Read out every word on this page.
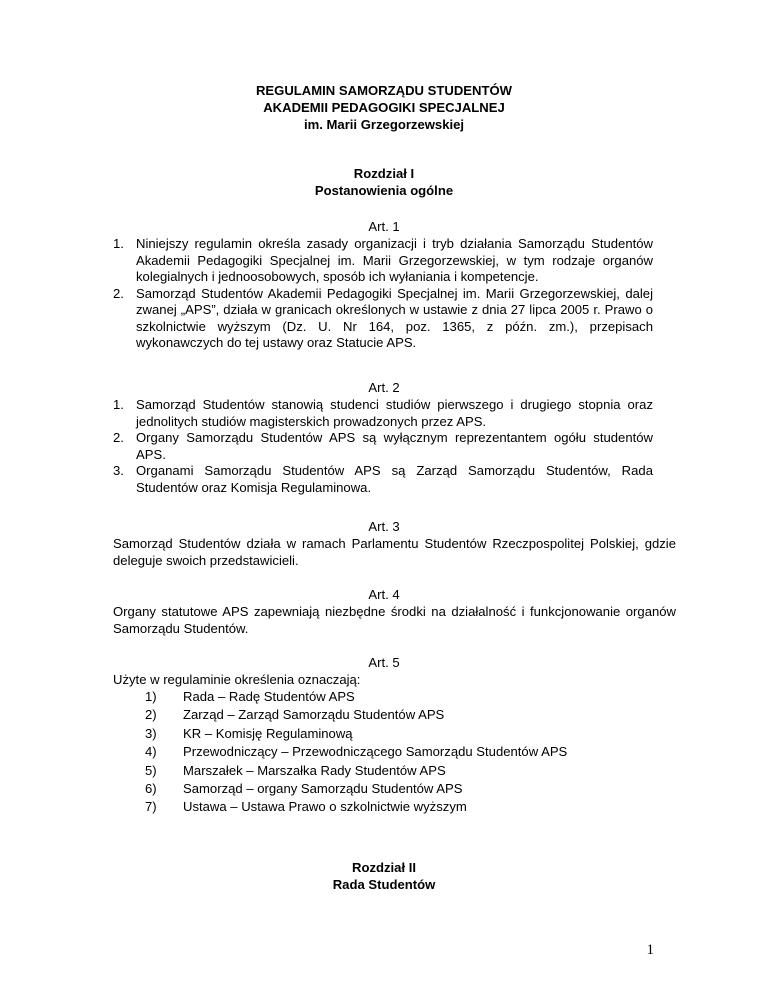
REGULAMIN SAMORZĄDU STUDENTÓW
AKADEMII PEDAGOGIKI SPECJALNEJ
im. Marii Grzegorzewskiej
Rozdział I
Postanowienia ogólne
Art. 1
1. Niniejszy regulamin określa zasady organizacji i tryb działania Samorządu Studentów Akademii Pedagogiki Specjalnej im. Marii Grzegorzewskiej, w tym rodzaje organów kolegialnych i jednoosobowych, sposób ich wyłaniania i kompetencje.
2. Samorząd Studentów Akademii Pedagogiki Specjalnej im. Marii Grzegorzewskiej, dalej zwanej „APS”, działa w granicach określonych w ustawie z dnia 27 lipca 2005 r. Prawo o szkolnictwie wyższym (Dz. U. Nr 164, poz. 1365, z późn. zm.), przepisach wykonawczych do tej ustawy oraz Statucie APS.
Art. 2
1. Samorząd Studentów stanowią studenci studiów pierwszego i drugiego stopnia oraz jednolitych studiów magisterskich prowadzonych przez APS.
2. Organy Samorządu Studentów APS są wyłącznym reprezentantem ogółu studentów APS.
3. Organami Samorządu Studentów APS są Zarząd Samorządu Studentów, Rada Studentów oraz Komisja Regulaminowa.
Art. 3
Samorząd Studentów działa w ramach Parlamentu Studentów Rzeczpospolitej Polskiej, gdzie deleguje swoich przedstawicieli.
Art. 4
Organy statutowe APS zapewniają niezbędne środki na działalność i funkcjonowanie organów Samorządu Studentów.
Art. 5
Użyte w regulaminie określenia oznaczają:
1) Rada – Radę Studentów APS
2) Zarząd – Zarząd Samorządu Studentów APS
3) KR – Komisję Regulaminową
4) Przewodniczący – Przewodniczącego Samorządu Studentów APS
5) Marszałek – Marszałka Rady Studentów APS
6) Samorząd – organy Samorządu Studentów APS
7) Ustawa – Ustawa Prawo o szkolnictwie wyższym
Rozdział II
Rada Studentów
1
